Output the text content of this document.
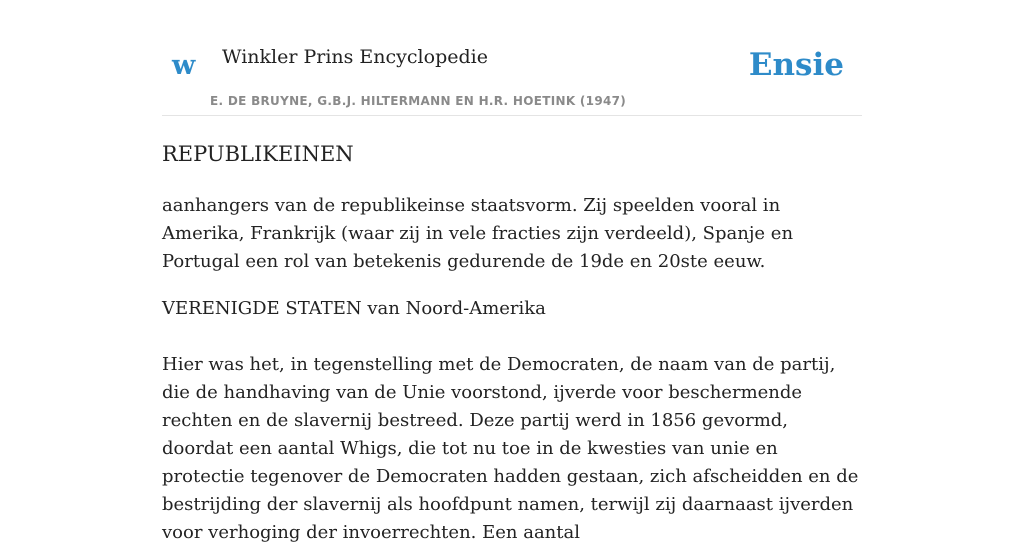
w Winkler Prins Encyclopedie
E. DE BRUYNE, G.B.J. HILTERMANN EN H.R. HOETINK (1947)
Ensie
REPUBLIKEINEN

aanhangers van de republikeinse staatsvorm. Zij speelden vooral in Amerika, Frankrijk (waar zij in vele fracties zijn verdeeld), Spanje en Portugal een rol van betekenis gedurende de 19de en 20ste eeuw.

VERENIGDE STATEN van Noord-Amerika

Hier was het, in tegenstelling met de Democraten, de naam van de partij, die de handhaving van de Unie voorstond, ijverde voor beschermende rechten en de slavernij bestreed. Deze partij werd in 1856 gevormd, doordat een aantal Whigs, die tot nu toe in de kwesties van unie en protectie tegenover de Democraten hadden gestaan, zich afscheidden en de bestrijding der slavernij als hoofdpunt namen, terwijl zij daarnaast ijverden voor verhoging der invoerrechten. Een aantal
